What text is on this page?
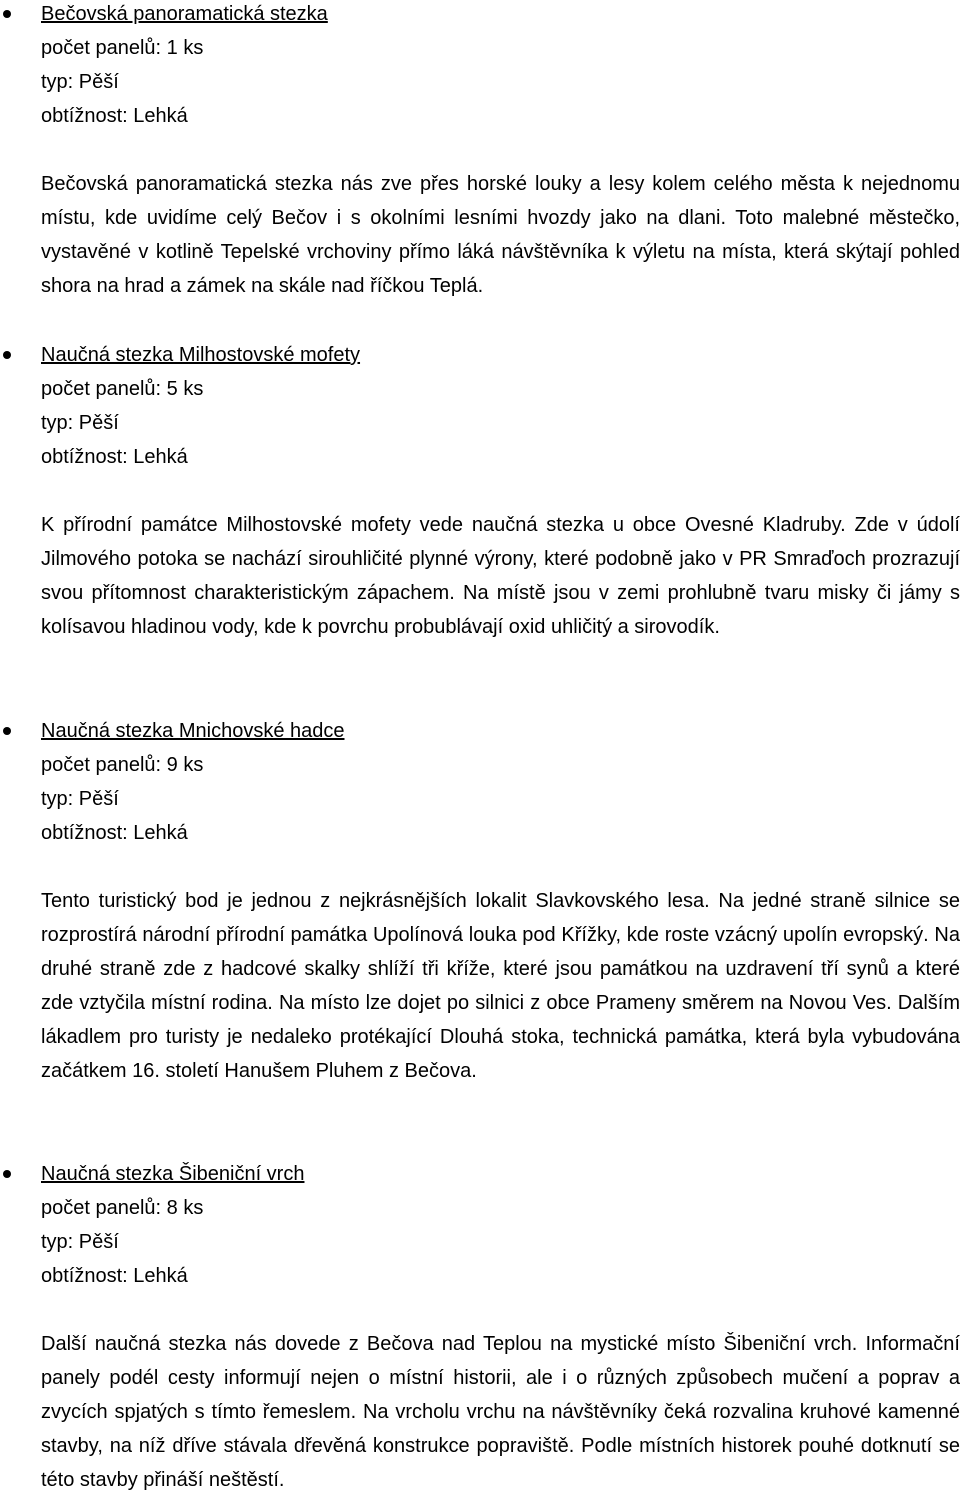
Bečovská panoramatická stezka
počet panelů: 1 ks
typ: Pěší
obtížnost: Lehká
Bečovská panoramatická stezka nás zve přes horské louky a lesy kolem celého města k nejednomu místu, kde uvidíme celý Bečov i s okolními lesními hvozdy jako na dlani. Toto malebné městečko, vystavěné v kotlině Tepelské vrchoviny přímo láká návštěvníka k výletu na místa, která skýtají pohled shora na hrad a zámek na skále nad říčkou Teplá.
Naučná stezka Milhostovské mofety
počet panelů: 5 ks
typ: Pěší
obtížnost: Lehká
K přírodní památce Milhostovské mofety vede naučná stezka u obce Ovesné Kladruby. Zde v údolí Jilmového potoka se nachází sirouhličité plynné výrony, které podobně jako v PR Smraďoch prozrazují svou přítomnost charakteristickým zápachem. Na místě jsou v zemi prohlubně tvaru misky či jámy s kolísavou hladinou vody, kde k povrchu probublávají oxid uhličitý a sirovodík.
Naučná stezka Mnichovské hadce
počet panelů: 9 ks
typ: Pěší
obtížnost: Lehká
Tento turistický bod je jednou z nejkrásnějších lokalit Slavkovského lesa. Na jedné straně silnice se rozprostírá národní přírodní památka Upolínová louka pod Křížky, kde roste vzácný upolín evropský. Na druhé straně zde z hadcové skalky shlíží tři kříže, které jsou památkou na uzdravení tří synů a které zde vztyčila místní rodina. Na místo lze dojet po silnici z obce Prameny směrem na Novou Ves. Dalším lákadlem pro turisty je nedaleko protékající Dlouhá stoka, technická památka, která byla vybudována začátkem 16. století Hanušem Pluhem z Bečova.
Naučná stezka Šibeniční vrch
počet panelů: 8 ks
typ: Pěší
obtížnost: Lehká
Další naučná stezka nás dovede z Bečova nad Teplou na mystické místo Šibeniční vrch. Informační panely podél cesty informují nejen o místní historii, ale i o různých způsobech mučení a poprav a zvycích spjatých s tímto řemeslem. Na vrcholu vrchu na návštěvníky čeká rozvalina kruhové kamenné stavby, na níž dříve stávala dřevěná konstrukce popraviště. Podle místních historek pouhé dotknutí se této stavby přináší neštěstí.
